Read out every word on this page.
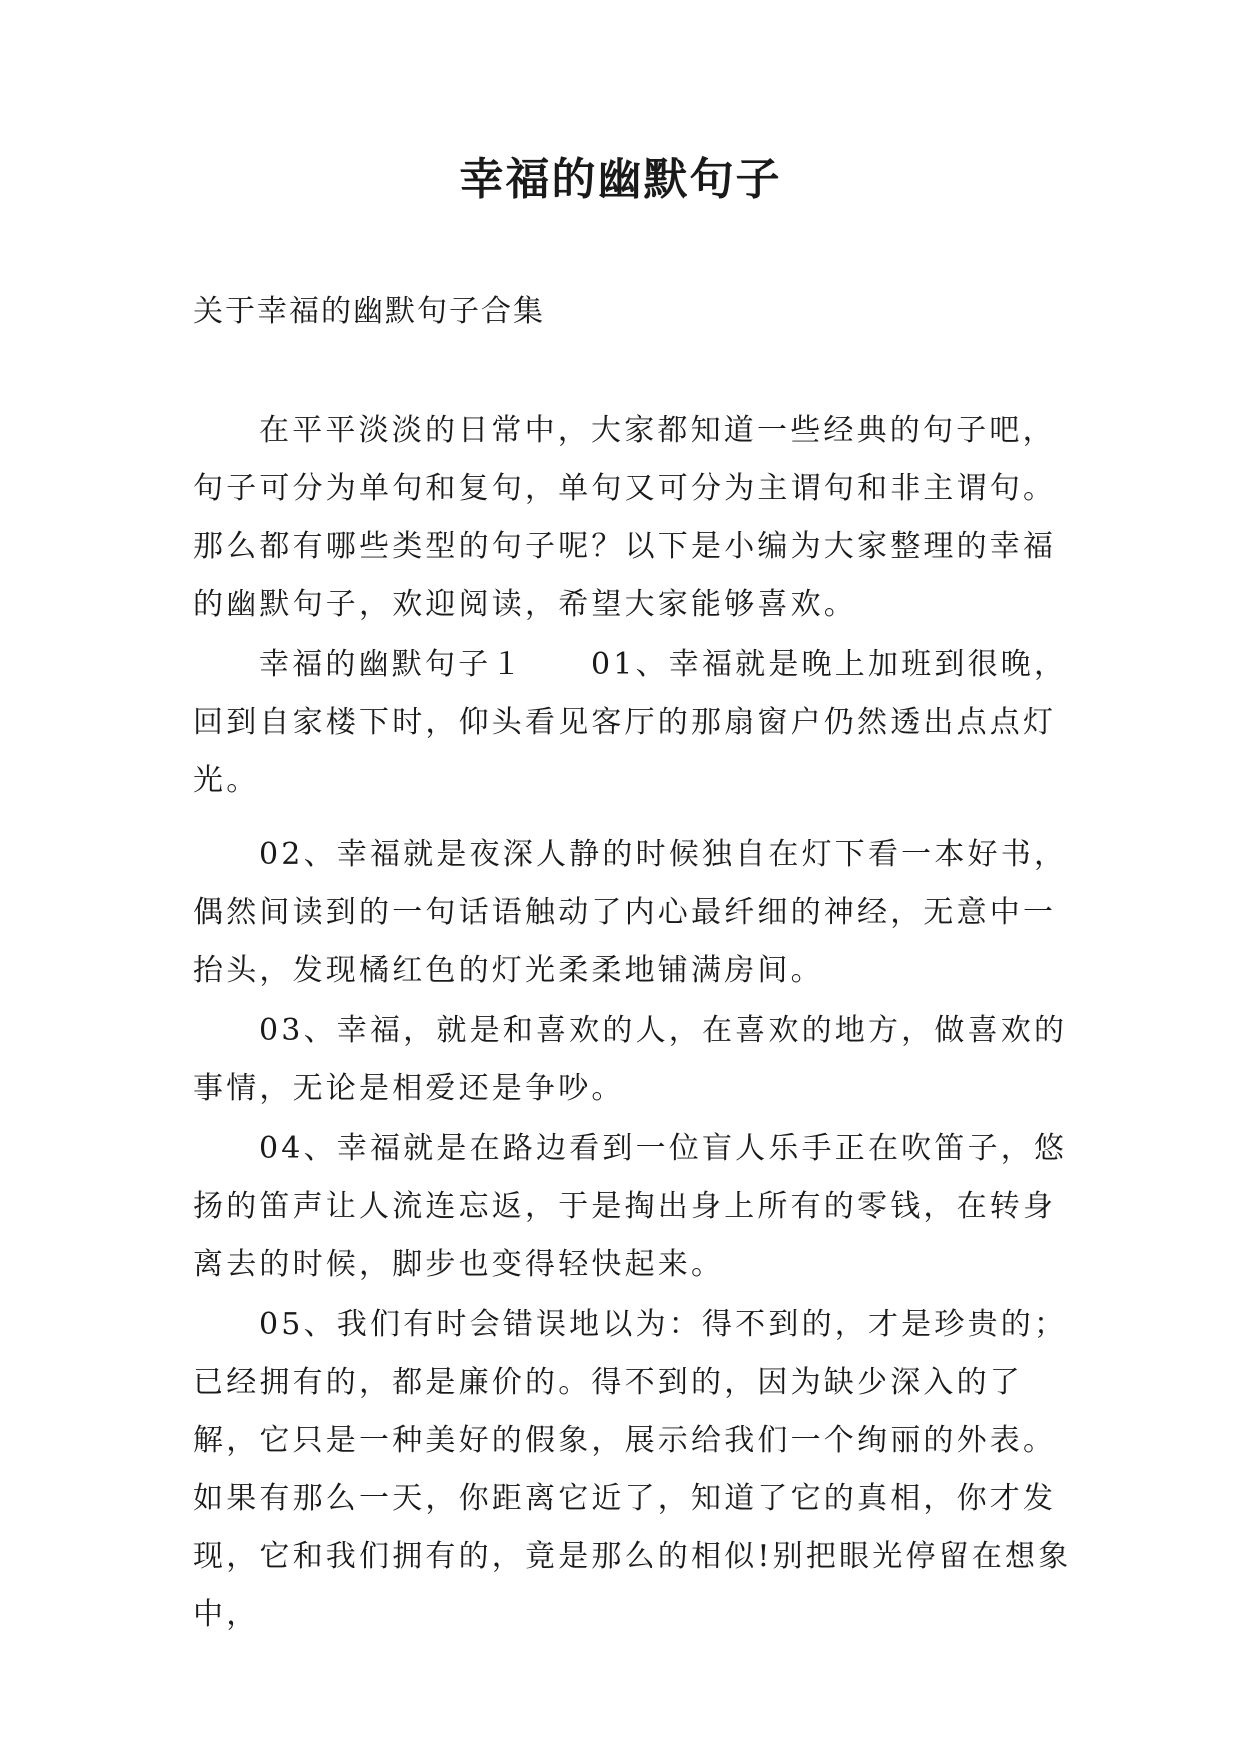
幸福的幽默句子
关于幸福的幽默句子合集

在平平淡淡的日常中，大家都知道一些经典的句子吧，句子可分为单句和复句，单句又可分为主谓句和非主谓句。那么都有哪些类型的句子呢？以下是小编为大家整理的幸福的幽默句子，欢迎阅读，希望大家能够喜欢。

幸福的幽默句子１　　01、幸福就是晚上加班到很晚，回到自家楼下时，仰头看见客厅的那扇窗户仍然透出点点灯光。

02、幸福就是夜深人静的时候独自在灯下看一本好书，偶然间读到的一句话语触动了内心最纤细的神经，无意中一抬头，发现橘红色的灯光柔柔地铺满房间。

03、幸福，就是和喜欢的人，在喜欢的地方，做喜欢的事情，无论是相爱还是争吵。

04、幸福就是在路边看到一位盲人乐手正在吹笛子，悠扬的笛声让人流连忘返，于是掏出身上所有的零钱，在转身离去的时候，脚步也变得轻快起来。

05、我们有时会错误地以为：得不到的，才是珍贵的；已经拥有的，都是廉价的。得不到的，因为缺少深入的了解，它只是一种美好的假象，展示给我们一个绚丽的外表。如果有那么一天，你距离它近了，知道了它的真相，你才发现，它和我们拥有的，竟是那么的相似!别把眼光停留在想象中，
